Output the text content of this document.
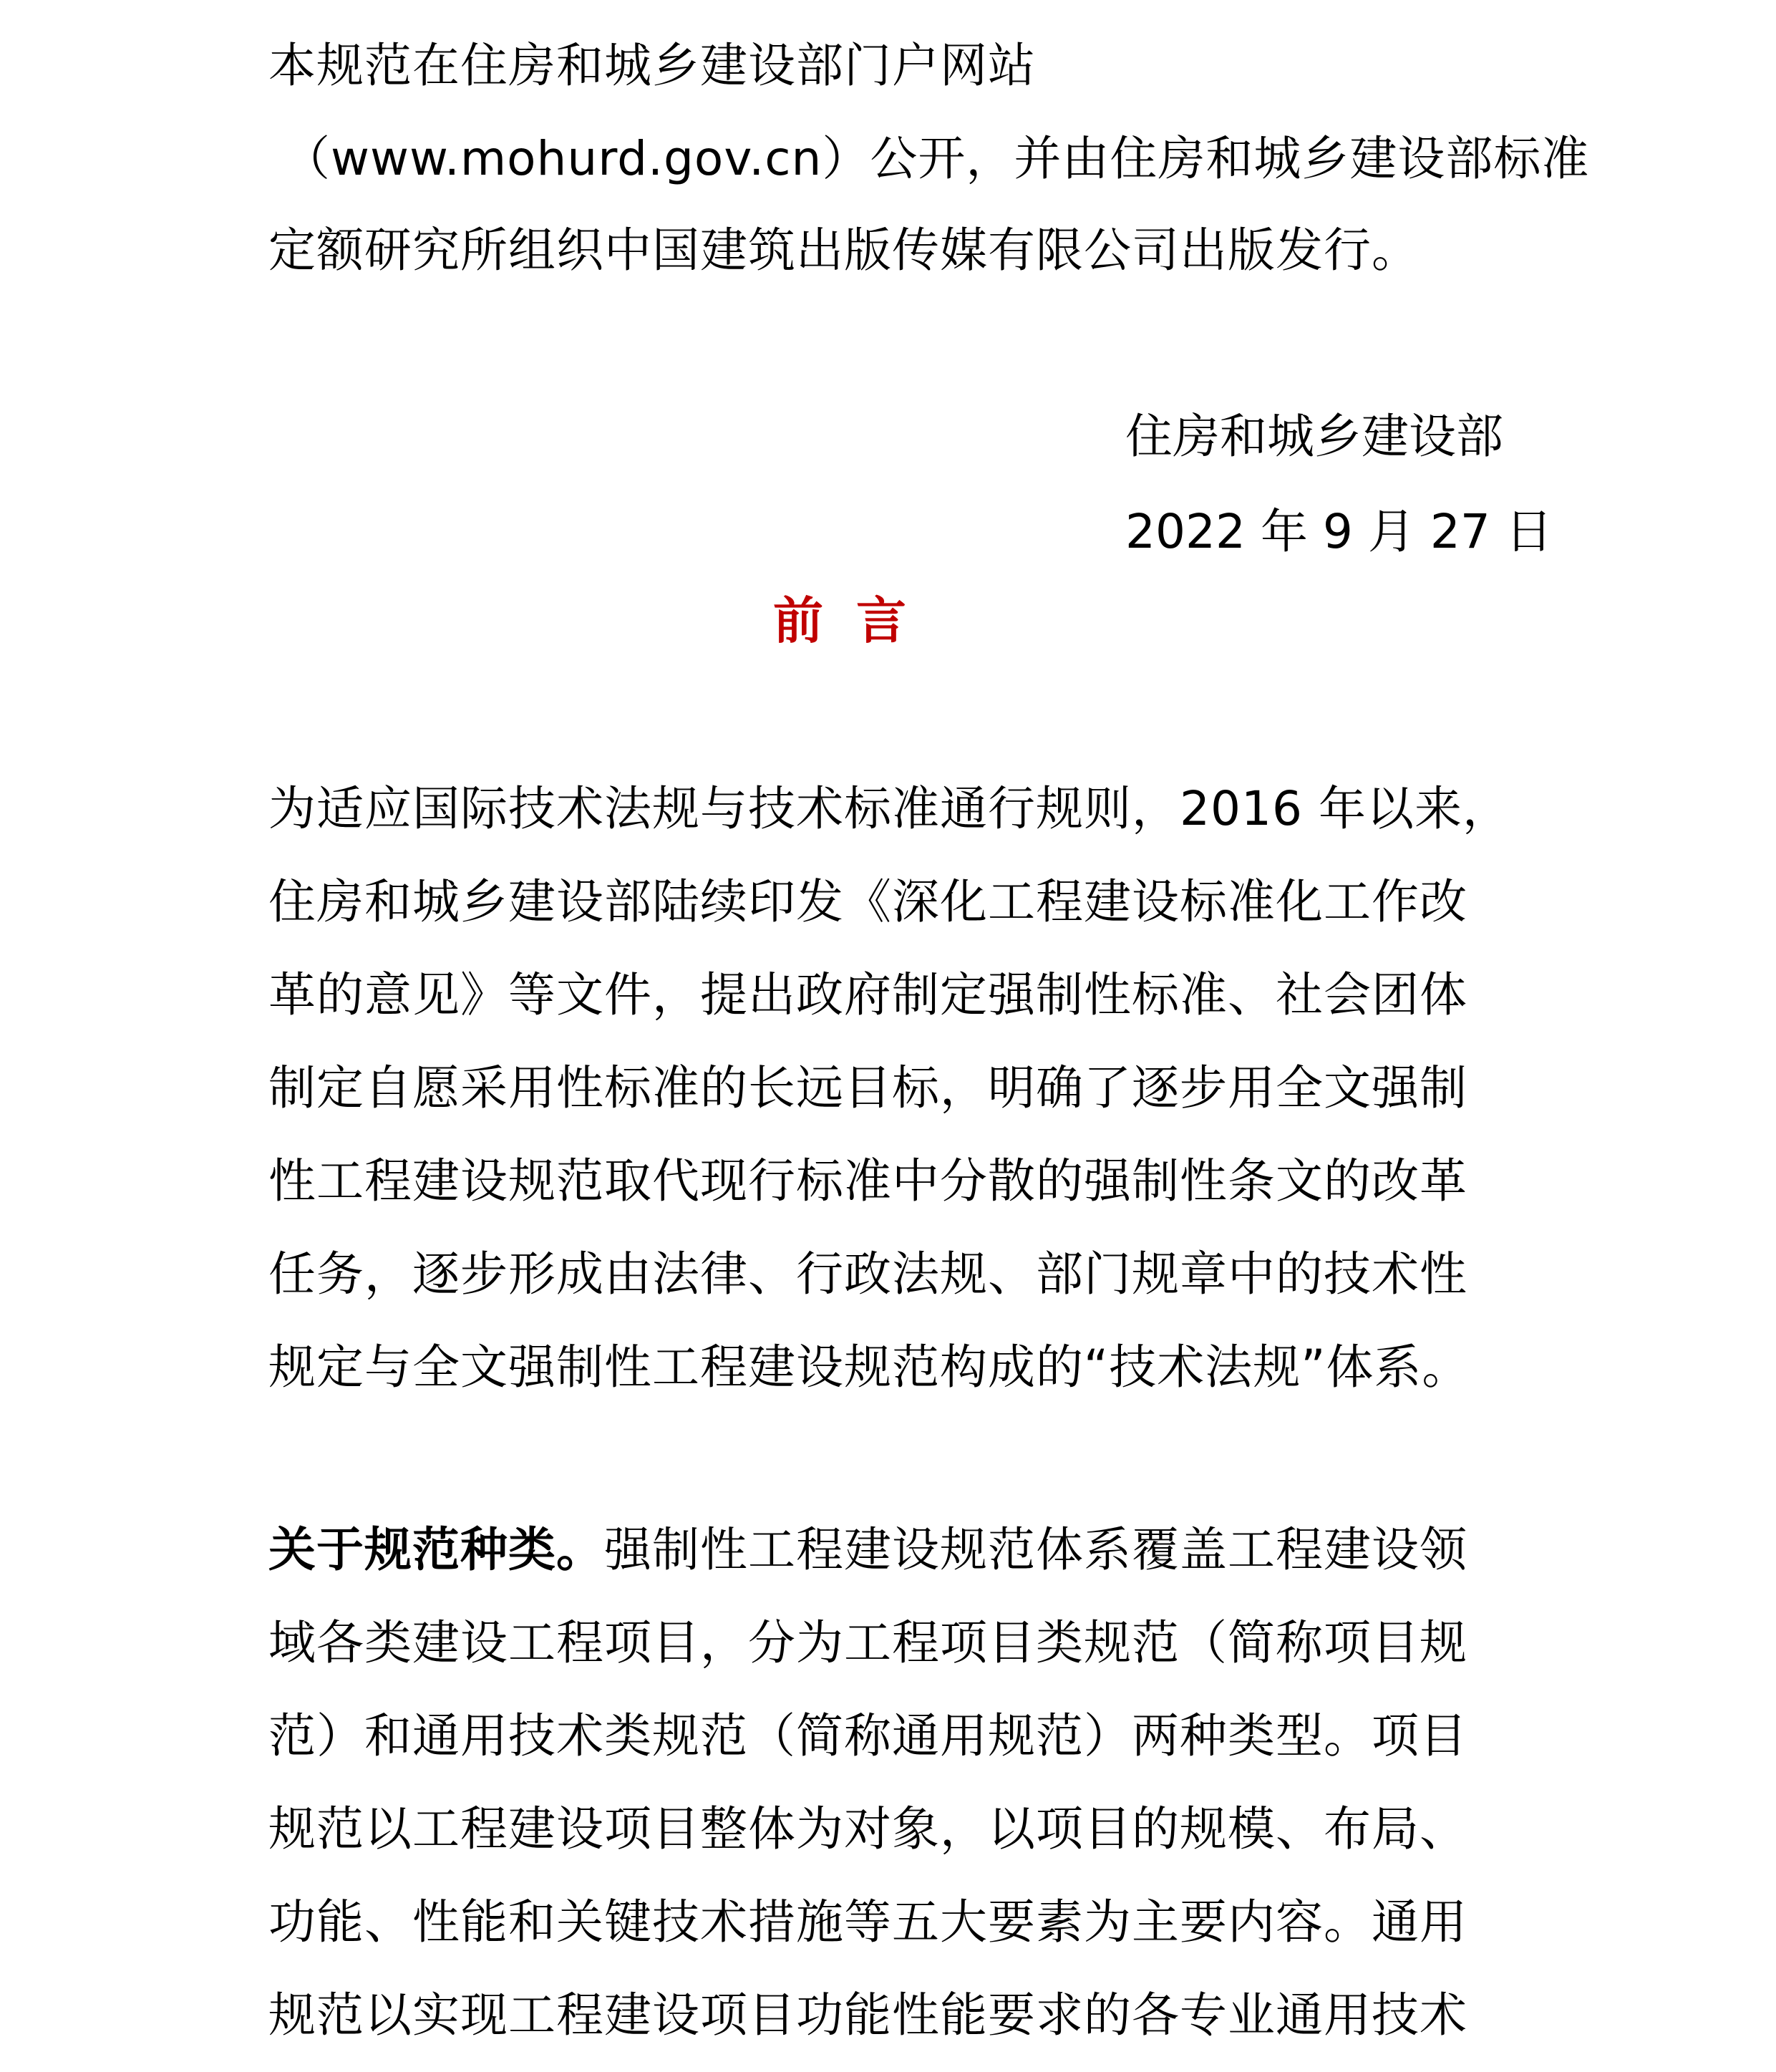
本规范在住房和城乡建设部门户网站
（www.mohurd.gov.cn）公开，并由住房和城乡建设部标准
定额研究所组织中国建筑出版传媒有限公司出版发行。
住房和城乡建设部
2022 年 9 月 27 日
前言
为适应国际技术法规与技术标准通行规则，2016 年以来，
住房和城乡建设部陆续印发《深化工程建设标准化工作改
革的意见》等文件，提出政府制定强制性标准、社会团体
制定自愿采用性标准的长远目标，明确了逐步用全文强制
性工程建设规范取代现行标准中分散的强制性条文的改革
任务，逐步形成由法律、行政法规、部门规章中的技术性
规定与全文强制性工程建设规范构成的“技术法规”体系。
关于规范种类。强制性工程建设规范体系覆盖工程建设领
域各类建设工程项目，分为工程项目类规范（简称项目规
范）和通用技术类规范（简称通用规范）两种类型。项目
规范以工程建设项目整体为对象，以项目的规模、布局、
功能、性能和关键技术措施等五大要素为主要内容。通用
规范以实现工程建设项目功能性能要求的各专业通用技术
